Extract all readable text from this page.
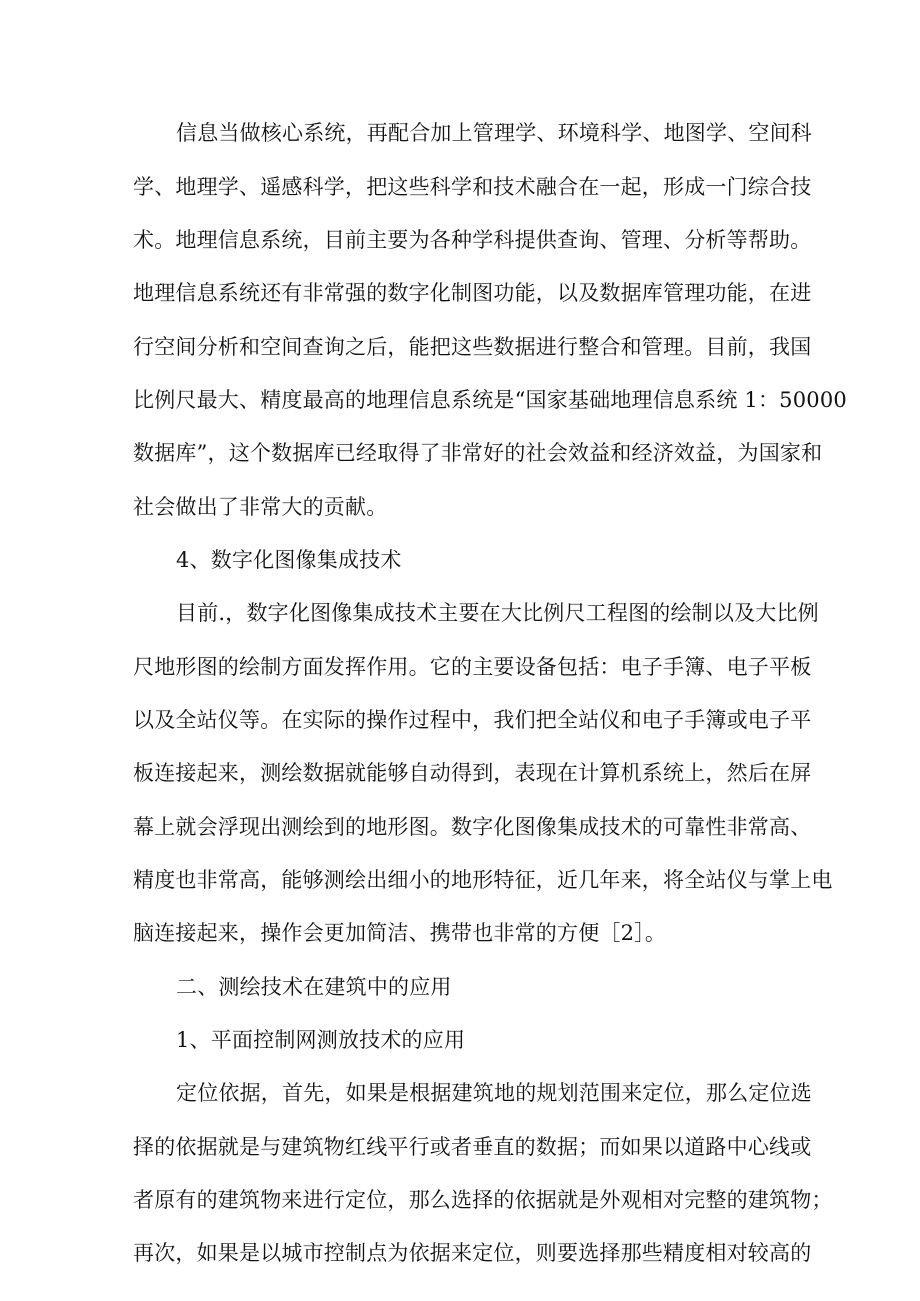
信息当做核心系统，再配合加上管理学、环境科学、地图学、空间科
学、地理学、遥感科学，把这些科学和技术融合在一起，形成一门综合技
术。地理信息系统，目前主要为各种学科提供查询、管理、分析等帮助。
地理信息系统还有非常强的数字化制图功能，以及数据库管理功能，在进
行空间分析和空间查询之后，能把这些数据进行整合和管理。目前，我国
比例尺最大、精度最高的地理信息系统是“国家基础地理信息系统 1：50000
数据库”，这个数据库已经取得了非常好的社会效益和经济效益，为国家和
社会做出了非常大的贡献。
4、数字化图像集成技术
目前.，数字化图像集成技术主要在大比例尺工程图的绘制以及大比例
尺地形图的绘制方面发挥作用。它的主要设备包括：电子手簿、电子平板
以及全站仪等。在实际的操作过程中，我们把全站仪和电子手簿或电子平
板连接起来，测绘数据就能够自动得到，表现在计算机系统上，然后在屏
幕上就会浮现出测绘到的地形图。数字化图像集成技术的可靠性非常高、
精度也非常高，能够测绘出细小的地形特征，近几年来，将全站仪与掌上电
脑连接起来，操作会更加简洁、携带也非常的方便［2］。
二、测绘技术在建筑中的应用
1、平面控制网测放技术的应用
定位依据，首先，如果是根据建筑地的规划范围来定位，那么定位选
择的依据就是与建筑物红线平行或者垂直的数据；而如果以道路中心线或
者原有的建筑物来进行定位，那么选择的依据就是外观相对完整的建筑物；
再次，如果是以城市控制点为依据来定位，则要选择那些精度相对较高的
